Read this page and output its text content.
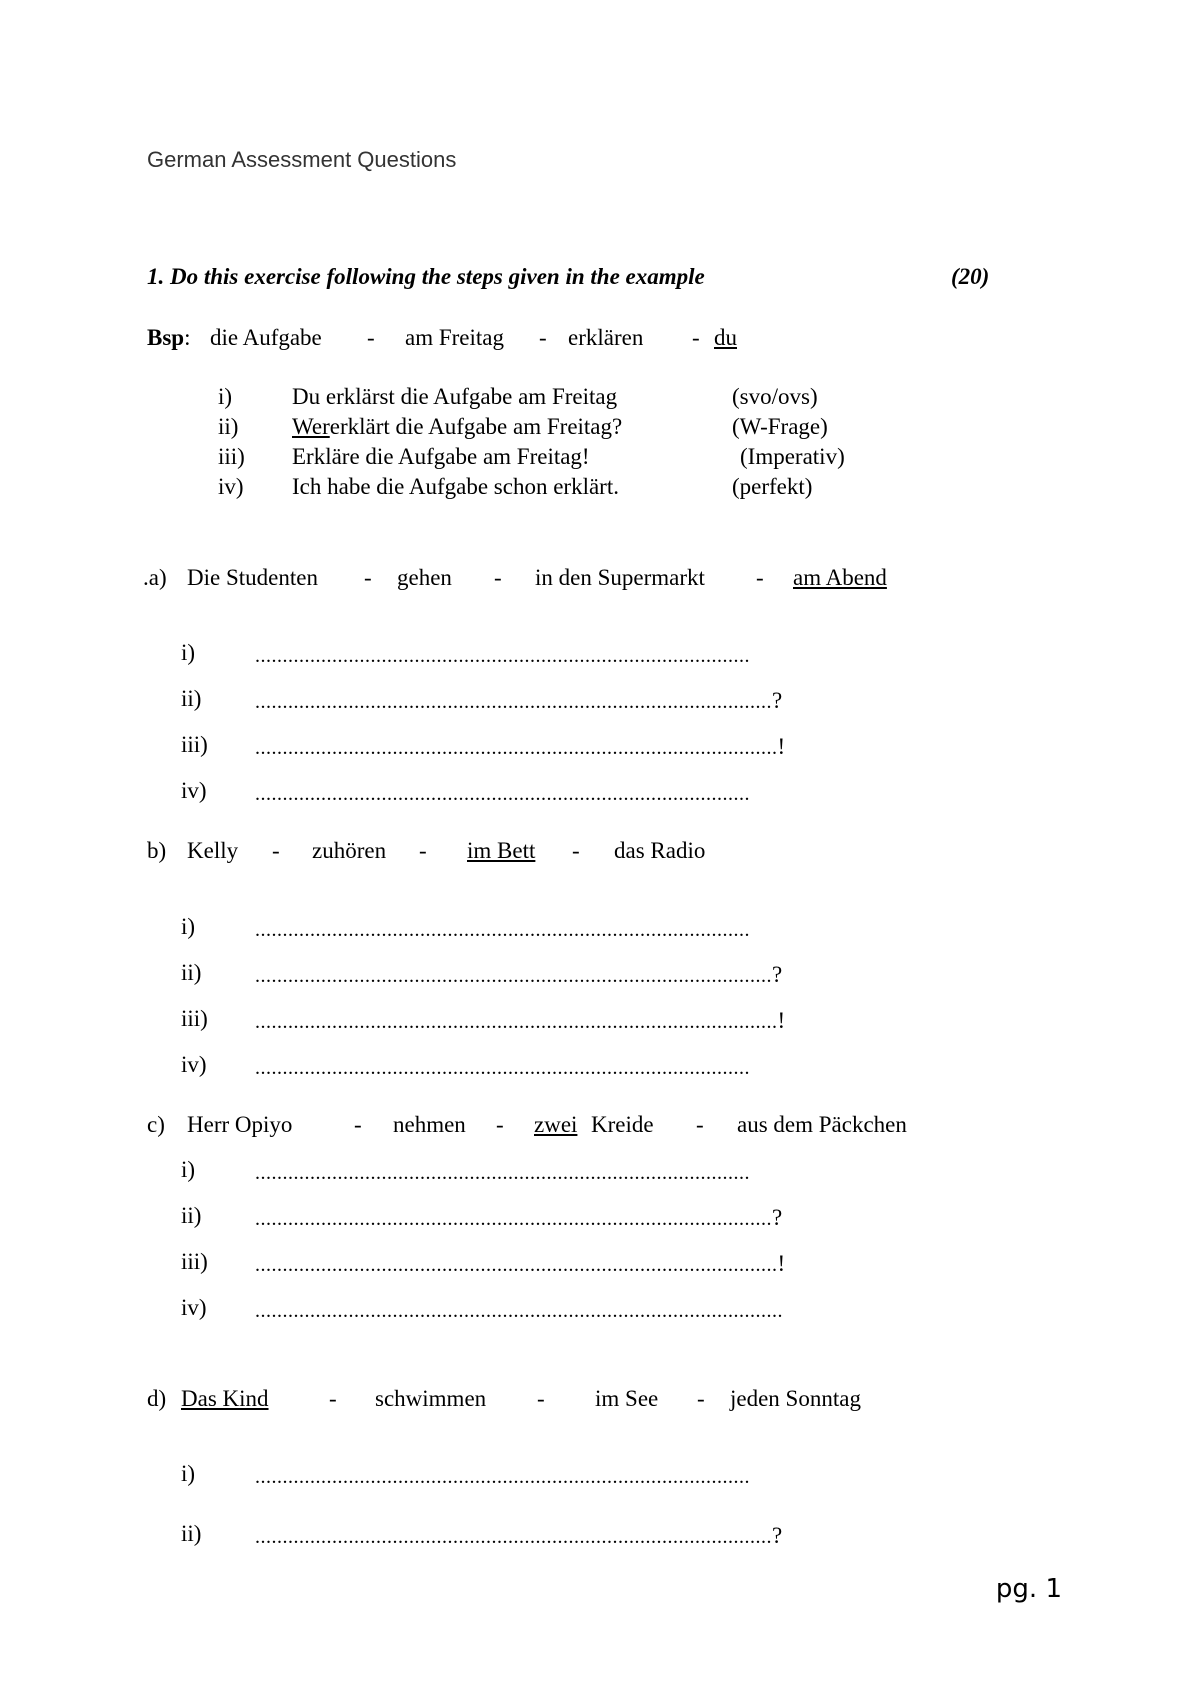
German Assessment Questions
1. Do this exercise following the steps given in the example	(20)
Bsp: die Aufgabe - am Freitag - erklären - du
i)	Du erklärst die Aufgabe am Freitag	(svo/ovs)
ii) Wererklärt die Aufgabe am Freitag?	(W-Frage)
iii) Erkläre die Aufgabe am Freitag!	(Imperativ)
iv) Ich habe die Aufgabe schon erklärt.	(perfekt)
.a) Die Studenten - gehen - in den Supermarkt - am Abend
i)	..........................................................................................
ii)	..............................................................................................?
iii) ...............................................................................................!
iv) ..........................................................................................
b) Kelly - zuhören - im Bett - das Radio
i)	..........................................................................................
ii)	..............................................................................................?
iii) ...............................................................................................!
iv) ..........................................................................................
c) Herr Opiyo	- nehmen - zwei Kreide - aus dem Päckchen
i)	..........................................................................................
ii)	..............................................................................................?
iii) ...............................................................................................!
iv) ................................................................................................
d) Das Kind	- schwimmen - im See - jeden Sonntag
i)	..........................................................................................
ii)	..............................................................................................?
pg. 1
